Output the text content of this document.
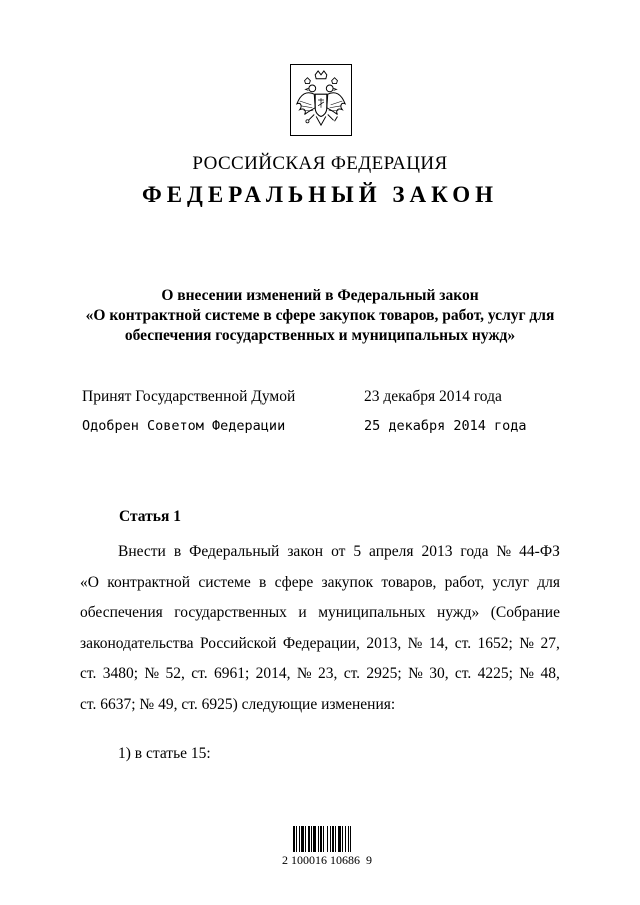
РОССИЙСКАЯ ФЕДЕРАЦИЯ
ФЕДЕРАЛЬНЫЙ ЗАКОН
О внесении изменений в Федеральный закон
«О контрактной системе в сфере закупок товаров, работ, услуг для
обеспечения государственных и муниципальных нужд»
Принят Государственной Думой	23 декабря 2014 года
Одобрен Советом Федерации	25 декабря 2014 года
Статья 1
Внести в Федеральный закон от 5 апреля 2013 года № 44-ФЗ
«О контрактной системе в сфере закупок товаров, работ, услуг для
обеспечения государственных и муниципальных нужд» (Собрание
законодательства Российской Федерации, 2013, № 14, ст. 1652; № 27,
ст. 3480; № 52, ст. 6961; 2014, № 23, ст. 2925; № 30, ст. 4225; № 48,
ст. 6637; № 49, ст. 6925) следующие изменения:
1) в статье 15:
2 100016 10686  9
